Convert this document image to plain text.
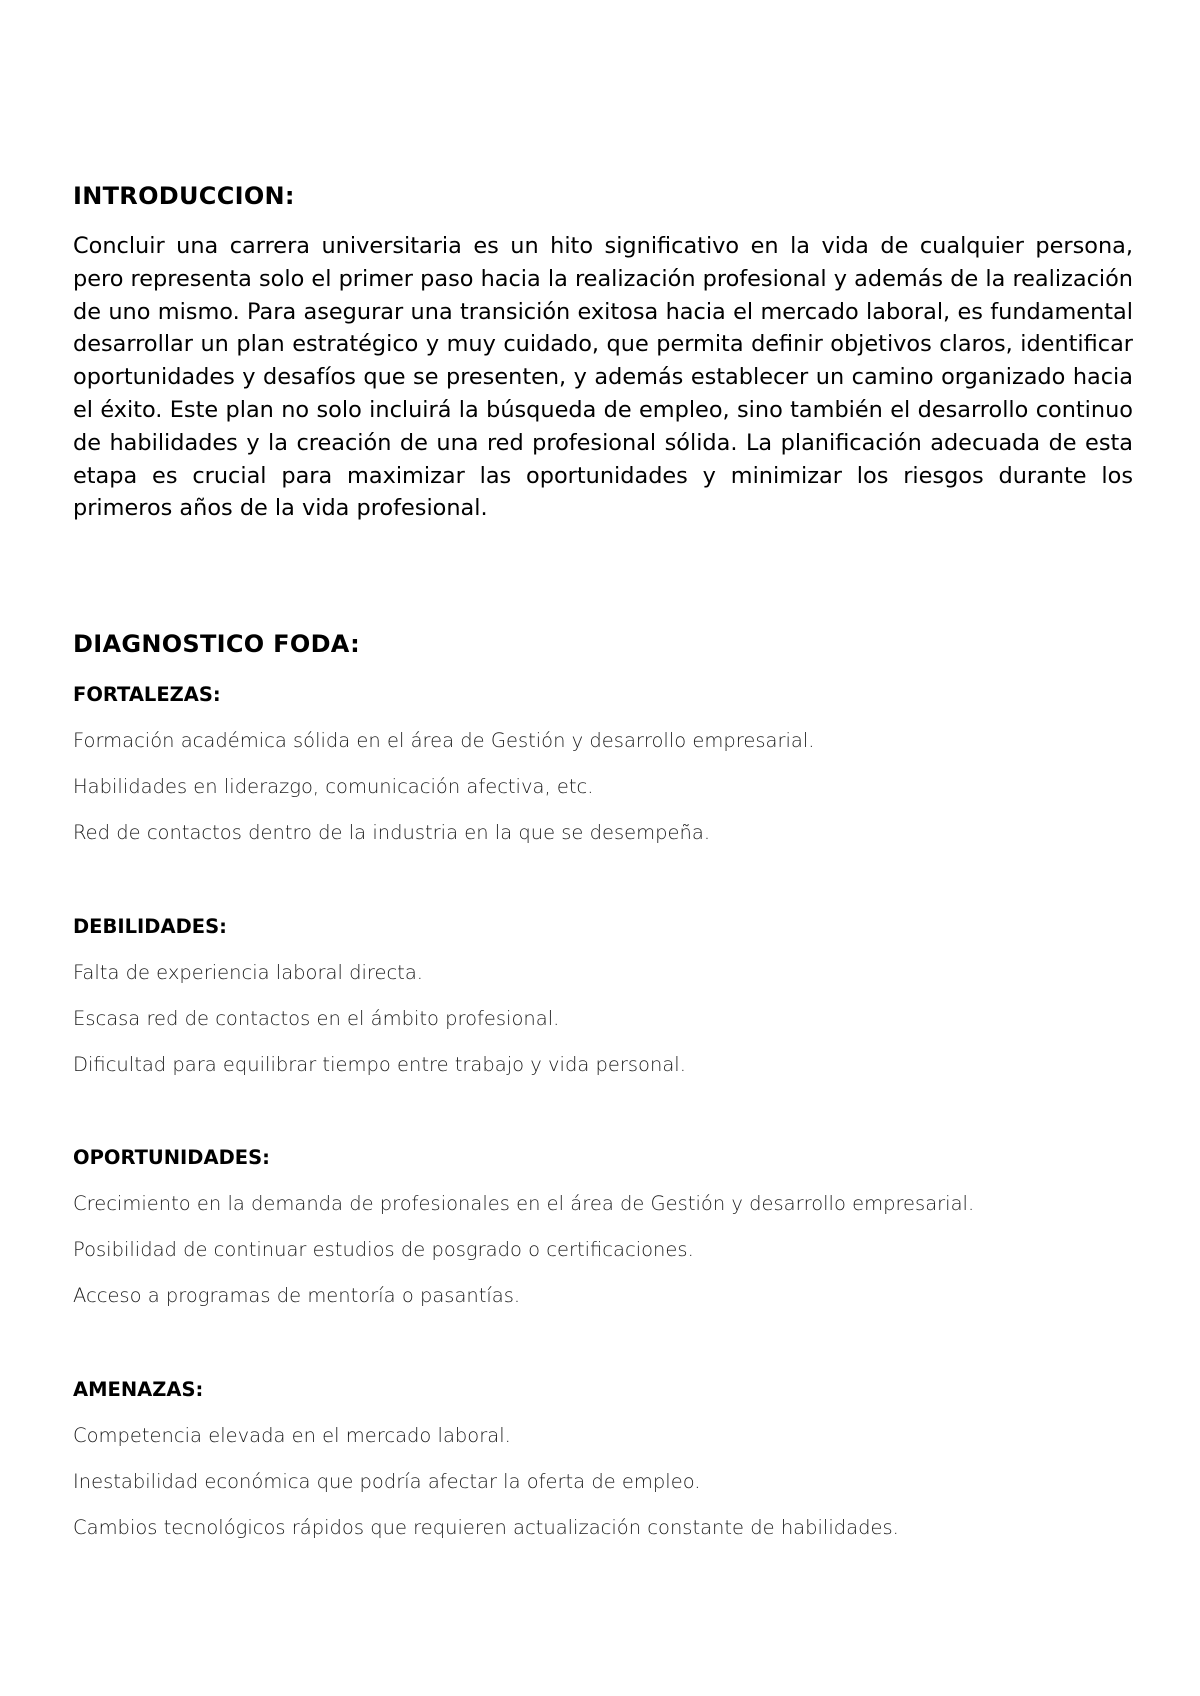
INTRODUCCION:

Concluir una carrera universitaria es un hito significativo en la vida de cualquier persona, pero representa solo el primer paso hacia la realización profesional y además de la realización de uno mismo. Para asegurar una transición exitosa hacia el mercado laboral, es fundamental desarrollar un plan estratégico y muy cuidado, que permita definir objetivos claros, identificar oportunidades y desafíos que se presenten, y además establecer un camino organizado hacia el éxito. Este plan no solo incluirá la búsqueda de empleo, sino también el desarrollo continuo de habilidades y la creación de una red profesional sólida. La planificación adecuada de esta etapa es crucial para maximizar las oportunidades y minimizar los riesgos durante los primeros años de la vida profesional.

DIAGNOSTICO FODA:
FORTALEZAS:
Formación académica sólida en el área de Gestión y desarrollo empresarial.
Habilidades en liderazgo, comunicación afectiva, etc.
Red de contactos dentro de la industria en la que se desempeña.
DEBILIDADES:
Falta de experiencia laboral directa.
Escasa red de contactos en el ámbito profesional.
Dificultad para equilibrar tiempo entre trabajo y vida personal.
OPORTUNIDADES:
Crecimiento en la demanda de profesionales en el área de Gestión y desarrollo empresarial.
Posibilidad de continuar estudios de posgrado o certificaciones.
Acceso a programas de mentoría o pasantías.
AMENAZAS:
Competencia elevada en el mercado laboral.
Inestabilidad económica que podría afectar la oferta de empleo.
Cambios tecnológicos rápidos que requieren actualización constante de habilidades.
